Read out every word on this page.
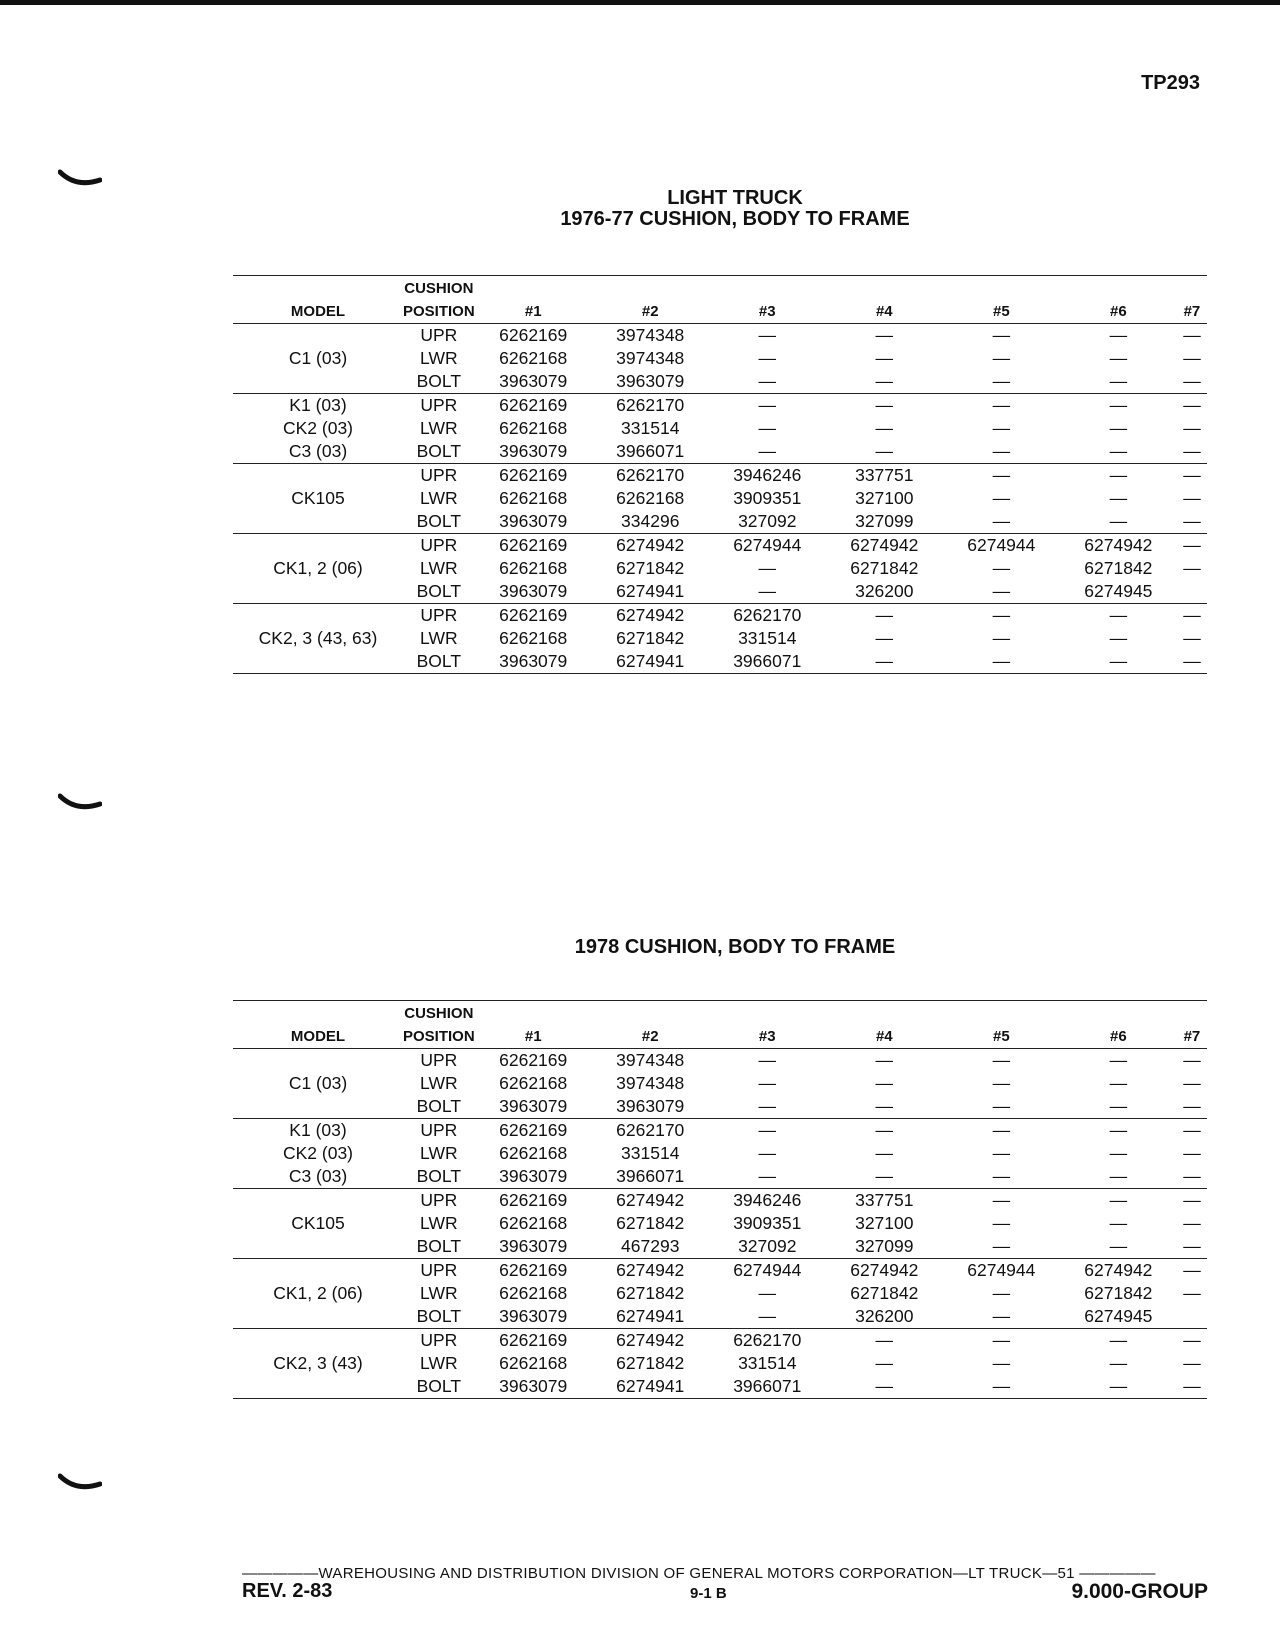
TP293
LIGHT TRUCK
1976-77 CUSHION, BODY TO FRAME
	CUSHION							
MODEL	POSITION	#1	#2	#3	#4	#5	#6	#7
	UPR	6262169	3974348	—	—	—	—	—
C1 (03)	LWR	6262168	3974348	—	—	—	—	—
	BOLT	3963079	3963079	—	—	—	—	—
K1 (03)	UPR	6262169	6262170	—	—	—	—	—
CK2 (03)	LWR	6262168	331514	—	—	—	—	—
C3 (03)	BOLT	3963079	3966071	—	—	—	—	—
	UPR	6262169	6262170	3946246	337751	—	—	—
CK105	LWR	6262168	6262168	3909351	327100	—	—	—
	BOLT	3963079	334296	327092	327099	—	—	—
	UPR	6262169	6274942	6274944	6274942	6274944	6274942	—
CK1, 2 (06)	LWR	6262168	6271842	—	6271842	—	6271842	—
	BOLT	3963079	6274941	—	326200	—	6274945	
	UPR	6262169	6274942	6262170	—	—	—	—
CK2, 3 (43, 63)	LWR	6262168	6271842	331514	—	—	—	—
	BOLT	3963079	6274941	3966071	—	—	—	—
1978 CUSHION, BODY TO FRAME
	CUSHION							
MODEL	POSITION	#1	#2	#3	#4	#5	#6	#7
	UPR	6262169	3974348	—	—	—	—	—
C1 (03)	LWR	6262168	3974348	—	—	—	—	—
	BOLT	3963079	3963079	—	—	—	—	—
K1 (03)	UPR	6262169	6262170	—	—	—	—	—
CK2 (03)	LWR	6262168	331514	—	—	—	—	—
C3 (03)	BOLT	3963079	3966071	—	—	—	—	—
	UPR	6262169	6274942	3946246	337751	—	—	—
CK105	LWR	6262168	6271842	3909351	327100	—	—	—
	BOLT	3963079	467293	327092	327099	—	—	—
	UPR	6262169	6274942	6274944	6274942	6274944	6274942	—
CK1, 2 (06)	LWR	6262168	6271842	—	6271842	—	6271842	—
	BOLT	3963079	6274941	—	326200	—	6274945	
	UPR	6262169	6274942	6262170	—	—	—	—
CK2, 3 (43)	LWR	6262168	6271842	331514	—	—	—	—
	BOLT	3963079	6274941	3966071	—	—	—	—
—————WAREHOUSING AND DISTRIBUTION DIVISION OF GENERAL MOTORS CORPORATION—LT TRUCK—51 —————
REV. 2-83	9-1 B	9.000-GROUP
